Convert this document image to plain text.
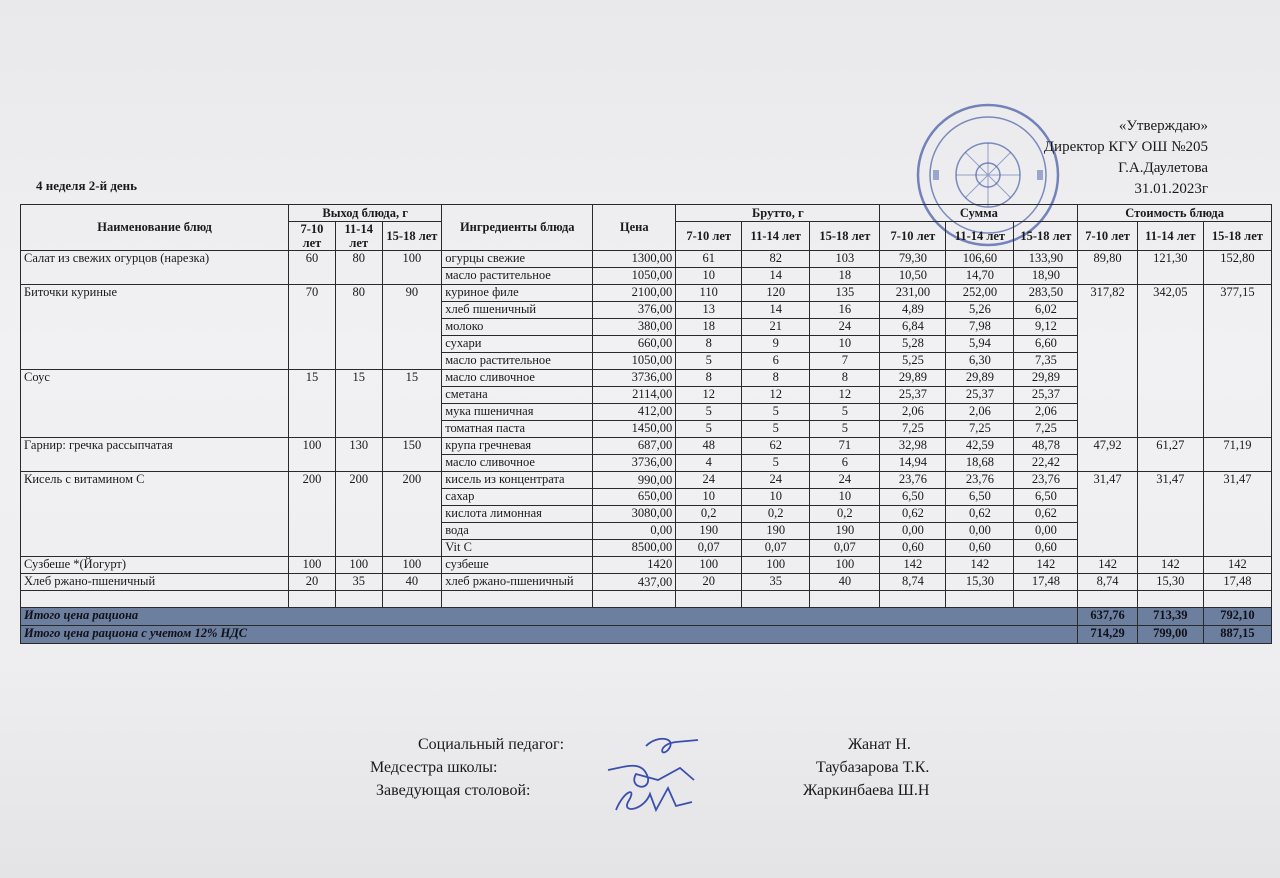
«Утверждаю»
Директор КГУ ОШ №205
Г.А.Даулетова
31.01.2023г
4 неделя 2-й день
Наименование блюд	Выход блюда, г			Ингредиенты блюда	Цена	Брутто, г			Сумма			Стоимость блюда		
	7-10 лет	11-14 лет	15-18 лет			7-10 лет	11-14 лет	15-18 лет	7-10 лет	11-14 лет	15-18 лет	7-10 лет	11-14 лет	15-18 лет
Салат из свежих огурцов (нарезка)	60	80	100	огурцы свежие	1300,00	61	82	103	79,30	106,60	133,90	89,80	121,30	152,80
				масло растительное	1050,00	10	14	18	10,50	14,70	18,90			
Биточки куриные	70	80	90	куриное филе	2100,00	110	120	135	231,00	252,00	283,50	317,82	342,05	377,15
				хлеб пшеничный	376,00	13	14	16	4,89	5,26	6,02			
				молоко	380,00	18	21	24	6,84	7,98	9,12			
				сухари	660,00	8	9	10	5,28	5,94	6,60			
				масло растительное	1050,00	5	6	7	5,25	6,30	7,35			
Соус	15	15	15	масло сливочное	3736,00	8	8	8	29,89	29,89	29,89			
				сметана	2114,00	12	12	12	25,37	25,37	25,37			
				мука пшеничная	412,00	5	5	5	2,06	2,06	2,06			
				томатная паста	1450,00	5	5	5	7,25	7,25	7,25			
Гарнир: гречка рассыпчатая	100	130	150	крупа гречневая	687,00	48	62	71	32,98	42,59	48,78	47,92	61,27	71,19
				масло сливочное	3736,00	4	5	6	14,94	18,68	22,42			
Кисель с витамином С	200	200	200	кисель из концентрата	990,00	24	24	24	23,76	23,76	23,76	31,47	31,47	31,47
				сахар	650,00	10	10	10	6,50	6,50	6,50			
				кислота лимонная	3080,00	0,2	0,2	0,2	0,62	0,62	0,62			
				вода	0,00	190	190	190	0,00	0,00	0,00			
				Vit C	8500,00	0,07	0,07	0,07	0,60	0,60	0,60			
Сузбеше *(Йогурт)	100	100	100	сузбеше	1420	100	100	100	142	142	142	142	142	142
Хлеб ржано-пшеничный	20	35	40	хлеб ржано-пшеничный	437,00	20	35	40	8,74	15,30	17,48	8,74	15,30	17,48

Итого цена рациона												637,76	713,39	792,10
Итого цена рациона с учетом 12% НДС												714,29	799,00	887,15
Социальный педагог:	Жанат Н.
Медсестра школы:	Таубазарова Т.К.
Заведующая столовой:	Жаркинбаева Ш.Н
